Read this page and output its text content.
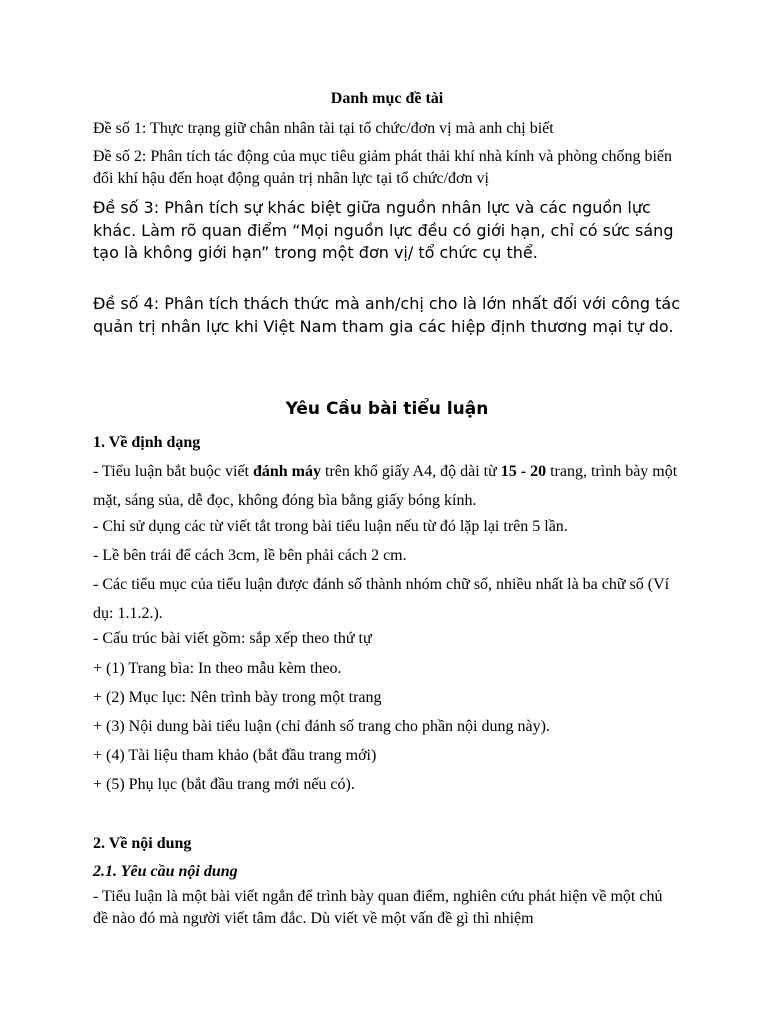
Danh mục đề tài

Đề số 1: Thực trạng giữ chân nhân tài tại tổ chức/đơn vị mà anh chị biết

Đề số 2: Phân tích tác động của mục tiêu giảm phát thải khí nhà kính và phòng chống biến đổi khí hậu đến hoạt động quản trị nhân lực tại tổ chức/đơn vị

Đề số 3: Phân tích sự khác biệt giữa nguồn nhân lực và các nguồn lực khác. Làm rõ quan điểm “Mọi nguồn lực đều có giới hạn, chỉ có sức sáng tạo là không giới hạn” trong một đơn vị/ tổ chức cụ thể.

Đề số 4: Phân tích thách thức mà anh/chị cho là lớn nhất đối với công tác quản trị nhân lực khi Việt Nam tham gia các hiệp định thương mại tự do.

Yêu Cầu bài tiểu luận

1. Về định dạng

- Tiểu luận bắt buộc viết đánh máy trên khổ giấy A4, độ dài từ 15 - 20 trang, trình bày một mặt, sáng sủa, dễ đọc, không đóng bìa bằng giấy bóng kính.

- Chỉ sử dụng các từ viết tắt trong bài tiểu luận nếu từ đó lặp lại trên 5 lần.

- Lề bên trái để cách 3cm, lề bên phải cách 2 cm.

- Các tiểu mục của tiểu luận được đánh số thành nhóm chữ số, nhiều nhất là ba chữ số (Ví dụ: 1.1.2.).

- Cấu trúc bài viết gồm: sắp xếp theo thứ tự

+ (1) Trang bìa: In theo mẫu kèm theo.

+ (2) Mục lục: Nên trình bày trong một trang

+ (3) Nội dung bài tiểu luận (chỉ đánh số trang cho phần nội dung này).

+ (4) Tài liệu tham khảo (bắt đầu trang mới)

+ (5) Phụ lục (bắt đầu trang mới nếu có).

2. Về nội dung

2.1. Yêu cầu nội dung

- Tiểu luận là một bài viết ngắn để trình bày quan điểm, nghiên cứu phát hiện về một chủ đề nào đó mà người viết tâm đắc. Dù viết về một vấn đề gì thì nhiệm
